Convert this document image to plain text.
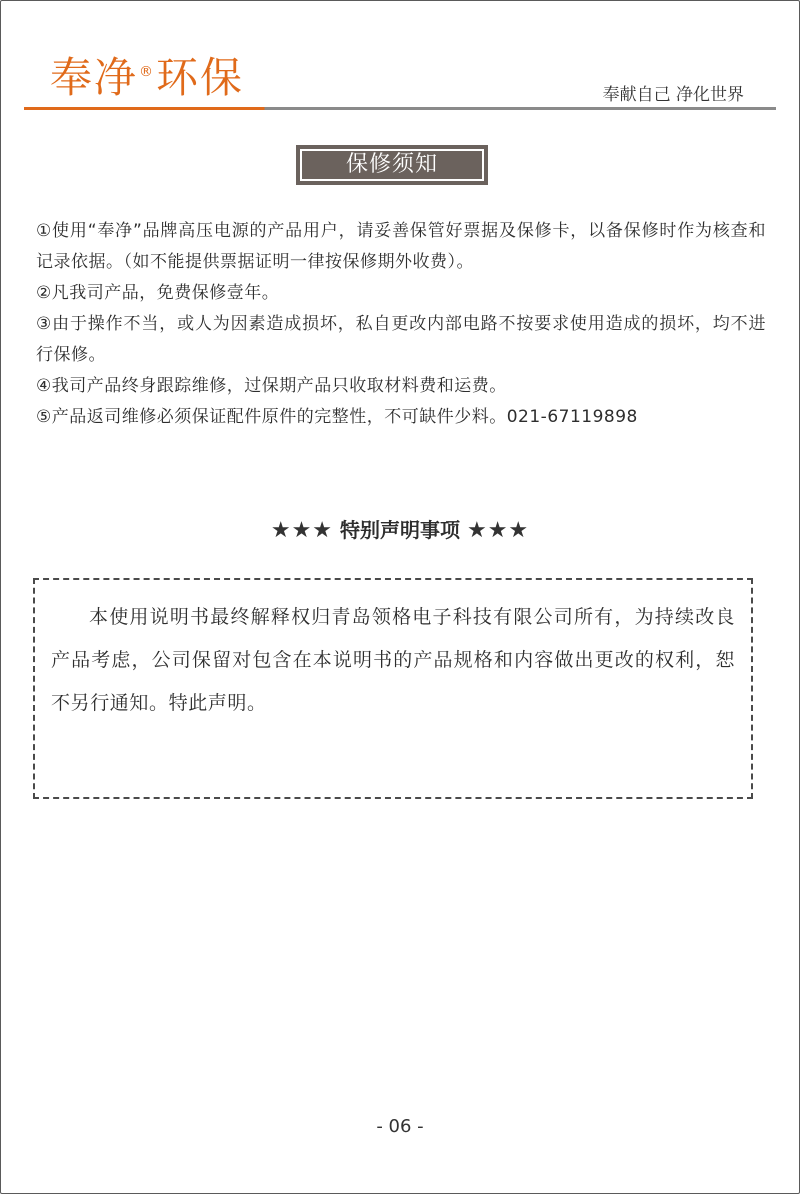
奉净®环保	奉献自己 净化世界
保修须知
①使用“奉净”品牌高压电源的产品用户，请妥善保管好票据及保修卡，以备保修时作为核查和记录依据。（如不能提供票据证明一律按保修期外收费）。
②凡我司产品，免费保修壹年。
③由于操作不当，或人为因素造成损坏，私自更改内部电路不按要求使用造成的损坏，均不进行保修。
④我司产品终身跟踪维修，过保期产品只收取材料费和运费。
⑤产品返司维修必须保证配件原件的完整性，不可缺件少料。021-67119898
★★★ 特别声明事项 ★★★

本使用说明书最终解释权归青岛领格电子科技有限公司所有，为持续改良产品考虑，公司保留对包含在本说明书的产品规格和内容做出更改的权利，恕不另行通知。特此声明。

- 06 -
